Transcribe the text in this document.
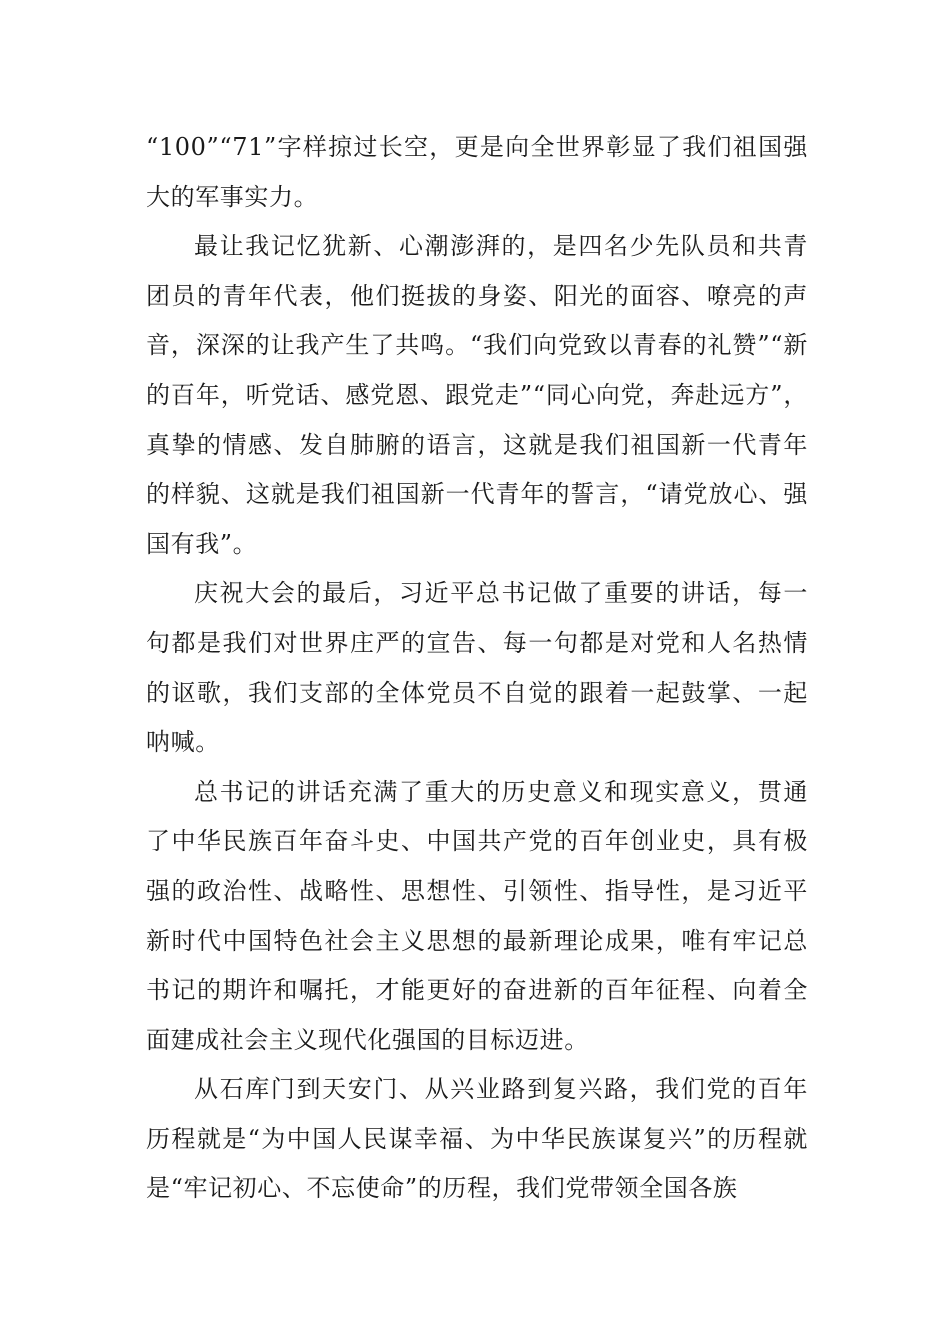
“100”“71”字样掠过长空，更是向全世界彰显了我们祖国强大的军事实力。

最让我记忆犹新、心潮澎湃的，是四名少先队员和共青团员的青年代表，他们挺拔的身姿、阳光的面容、嘹亮的声音，深深的让我产生了共鸣。“我们向党致以青春的礼赞”“新的百年，听党话、感党恩、跟党走”“同心向党，奔赴远方”，真挚的情感、发自肺腑的语言，这就是我们祖国新一代青年的样貌、这就是我们祖国新一代青年的誓言，“请党放心、强国有我”。

庆祝大会的最后，习近平总书记做了重要的讲话，每一句都是我们对世界庄严的宣告、每一句都是对党和人名热情的讴歌，我们支部的全体党员不自觉的跟着一起鼓掌、一起呐喊。

总书记的讲话充满了重大的历史意义和现实意义，贯通了中华民族百年奋斗史、中国共产党的百年创业史，具有极强的政治性、战略性、思想性、引领性、指导性，是习近平新时代中国特色社会主义思想的最新理论成果，唯有牢记总书记的期许和嘱托，才能更好的奋进新的百年征程、向着全面建成社会主义现代化强国的目标迈进。

从石库门到天安门、从兴业路到复兴路，我们党的百年历程就是“为中国人民谋幸福、为中华民族谋复兴”的历程就是“牢记初心、不忘使命”的历程，我们党带领全国各族
